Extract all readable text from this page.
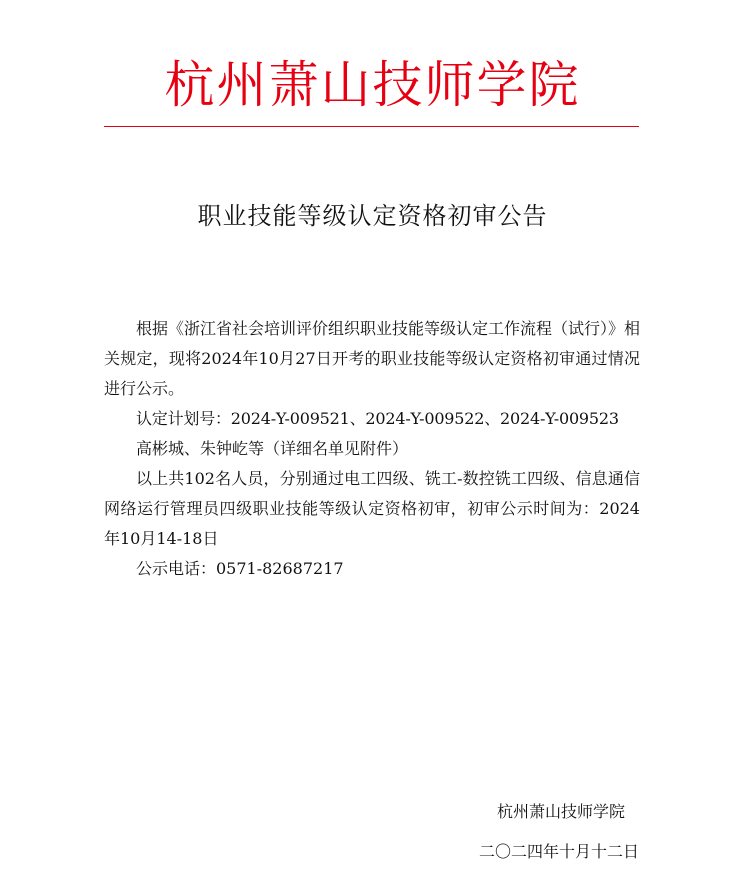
杭州萧山技师学院
职业技能等级认定资格初审公告

根据《浙江省社会培训评价组织职业技能等级认定工作流程（试行）》相关规定，现将2024年10月27日开考的职业技能等级认定资格初审通过情况进行公示。

认定计划号：2024-Y-009521、2024-Y-009522、2024-Y-009523

高彬城、朱钟屹等（详细名单见附件）

以上共102名人员，分别通过电工四级、铣工-数控铣工四级、信息通信网络运行管理员四级职业技能等级认定资格初审，初审公示时间为：2024年10月14-18日

公示电话：0571-82687217

杭州萧山技师学院
二〇二四年十月十二日
